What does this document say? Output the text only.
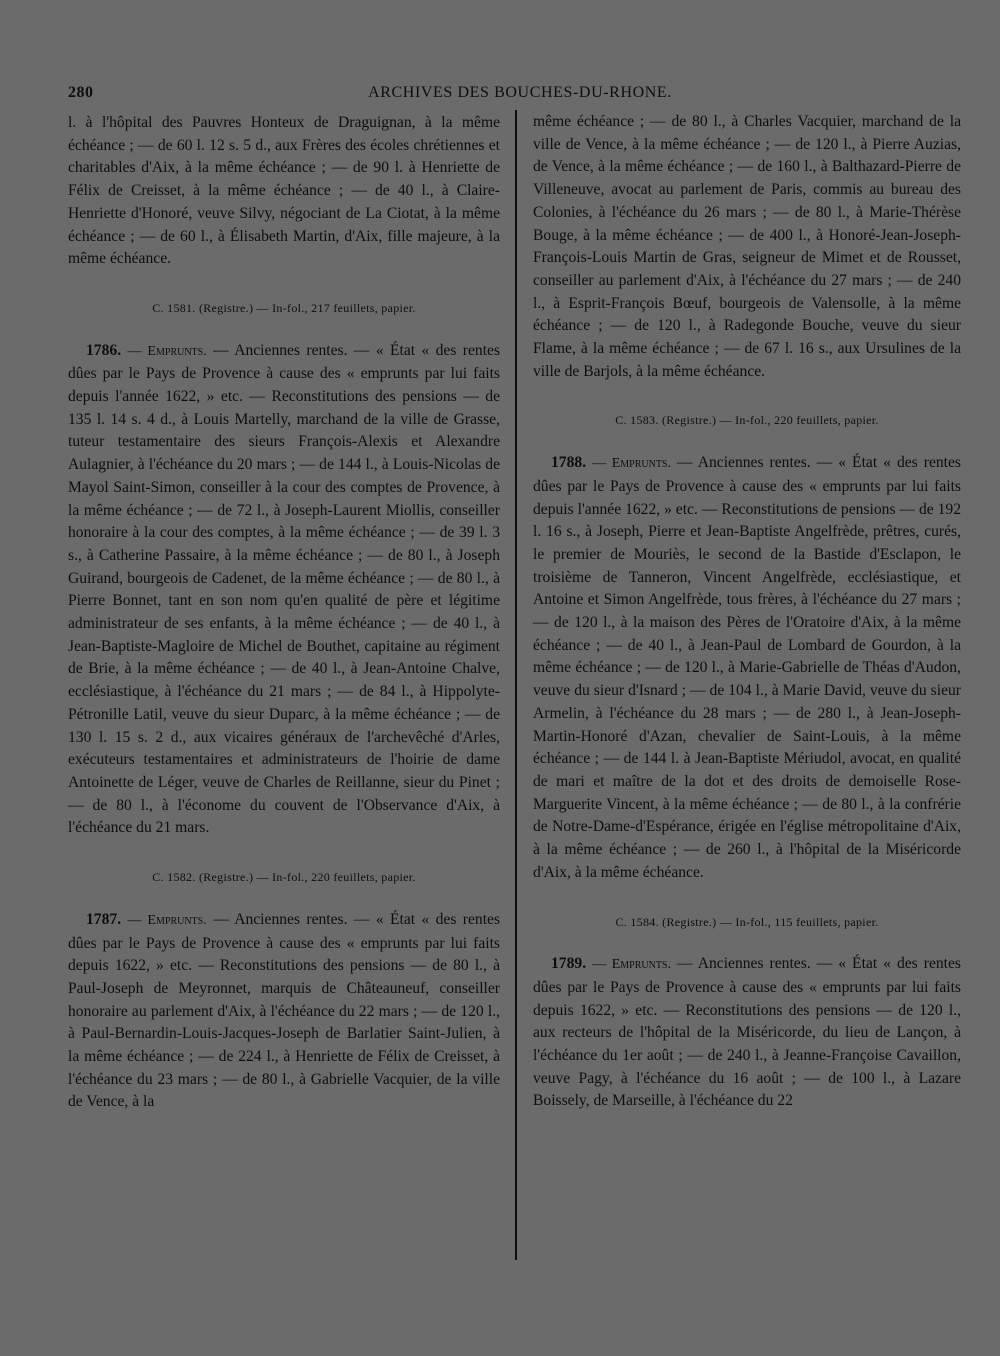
280	ARCHIVES DES BOUCHES-DU-RHONE.

l. à l'hôpital des Pauvres Honteux de Draguignan, à la même échéance ; — de 60 l. 12 s. 5 d., aux Frères des écoles chrétiennes et charitables d'Aix, à la même échéance ; — de 90 l. à Henriette de Félix de Creisset, à la même échéance ; — de 40 l., à Claire-Henriette d'Honoré, veuve Silvy, négociant de La Ciotat, à la même échéance ; — de 60 l., à Élisabeth Martin, d'Aix, fille majeure, à la même échéance.

C. 1581. (Registre.) — In-fol., 217 feuillets, papier.

1786. — Emprunts. — Anciennes rentes. — « État « des rentes dûes par le Pays de Provence à cause des « emprunts par lui faits depuis l'année 1622, » etc. — Reconstitutions des pensions — de 135 l. 14 s. 4 d., à Louis Martelly, marchand de la ville de Grasse, tuteur testamentaire des sieurs François-Alexis et Alexandre Aulagnier, à l'échéance du 20 mars ; — de 144 l., à Louis-Nicolas de Mayol Saint-Simon, conseiller à la cour des comptes de Provence, à la même échéance ; — de 72 l., à Joseph-Laurent Miollis, conseiller honoraire à la cour des comptes, à la même échéance ; — de 39 l. 3 s., à Catherine Passaire, à la même échéance ; — de 80 l., à Joseph Guirand, bourgeois de Cadenet, de la même échéance ; — de 80 l., à Pierre Bonnet, tant en son nom qu'en qualité de père et légitime administrateur de ses enfants, à la même échéance ; — de 40 l., à Jean-Baptiste-Magloire de Michel de Bouthet, capitaine au régiment de Brie, à la même échéance ; — de 40 l., à Jean-Antoine Chalve, ecclésiastique, à l'échéance du 21 mars ; — de 84 l., à Hippolyte-Pétronille Latil, veuve du sieur Duparc, à la même échéance ; — de 130 l. 15 s. 2 d., aux vicaires généraux de l'archevêché d'Arles, exécuteurs testamentaires et administrateurs de l'hoirie de dame Antoinette de Léger, veuve de Charles de Reillanne, sieur du Pinet ; — de 80 l., à l'économe du couvent de l'Observance d'Aix, à l'échéance du 21 mars.

C. 1582. (Registre.) — In-fol., 220 feuillets, papier.

1787. — Emprunts. — Anciennes rentes. — « État « des rentes dûes par le Pays de Provence à cause des « emprunts par lui faits depuis 1622, » etc. — Reconstitutions des pensions — de 80 l., à Paul-Joseph de Meyronnet, marquis de Châteauneuf, conseiller honoraire au parlement d'Aix, à l'échéance du 22 mars ; — de 120 l., à Paul-Bernardin-Louis-Jacques-Joseph de Barlatier Saint-Julien, à la même échéance ; — de 224 l., à Henriette de Félix de Creisset, à l'échéance du 23 mars ; — de 80 l., à Gabrielle Vacquier, de la ville de Vence, à la

même échéance ; — de 80 l., à Charles Vacquier, marchand de la ville de Vence, à la même échéance ; — de 120 l., à Pierre Auzias, de Vence, à la même échéance ; — de 160 l., à Balthazard-Pierre de Villeneuve, avocat au parlement de Paris, commis au bureau des Colonies, à l'échéance du 26 mars ; — de 80 l., à Marie-Thérèse Bouge, à la même échéance ; — de 400 l., à Honoré-Jean-Joseph-François-Louis Martin de Gras, seigneur de Mimet et de Rousset, conseiller au parlement d'Aix, à l'échéance du 27 mars ; — de 240 l., à Esprit-François Bœuf, bourgeois de Valensolle, à la même échéance ; — de 120 l., à Radegonde Bouche, veuve du sieur Flame, à la même échéance ; — de 67 l. 16 s., aux Ursulines de la ville de Barjols, à la même échéance.

C. 1583. (Registre.) — In-fol., 220 feuillets, papier.

1788. — Emprunts. — Anciennes rentes. — « État « des rentes dûes par le Pays de Provence à cause des « emprunts par lui faits depuis l'année 1622, » etc. — Reconstitutions de pensions — de 192 l. 16 s., à Joseph, Pierre et Jean-Baptiste Angelfrède, prêtres, curés, le premier de Mouriès, le second de la Bastide d'Esclapon, le troisième de Tanneron, Vincent Angelfrède, ecclésiastique, et Antoine et Simon Angelfrède, tous frères, à l'échéance du 27 mars ; — de 120 l., à la maison des Pères de l'Oratoire d'Aix, à la même échéance ; — de 40 l., à Jean-Paul de Lombard de Gourdon, à la même échéance ; — de 120 l., à Marie-Gabrielle de Théas d'Audon, veuve du sieur d'Isnard ; — de 104 l., à Marie David, veuve du sieur Armelin, à l'échéance du 28 mars ; — de 280 l., à Jean-Joseph-Martin-Honoré d'Azan, chevalier de Saint-Louis, à la même échéance ; — de 144 l. à Jean-Baptiste Mériudol, avocat, en qualité de mari et maître de la dot et des droits de demoiselle Rose-Marguerite Vincent, à la même échéance ; — de 80 l., à la confrérie de Notre-Dame-d'Espérance, érigée en l'église métropolitaine d'Aix, à la même échéance ; — de 260 l., à l'hôpital de la Miséricorde d'Aix, à la même échéance.

C. 1584. (Registre.) — In-fol., 115 feuillets, papier.

1789. — Emprunts. — Anciennes rentes. — « État « des rentes dûes par le Pays de Provence à cause des « emprunts par lui faits depuis 1622, » etc. — Reconstitutions des pensions — de 120 l., aux recteurs de l'hôpital de la Miséricorde, du lieu de Lançon, à l'échéance du 1er août ; — de 240 l., à Jeanne-Françoise Cavaillon, veuve Pagy, à l'échéance du 16 août ; — de 100 l., à Lazare Boissely, de Marseille, à l'échéance du 22
